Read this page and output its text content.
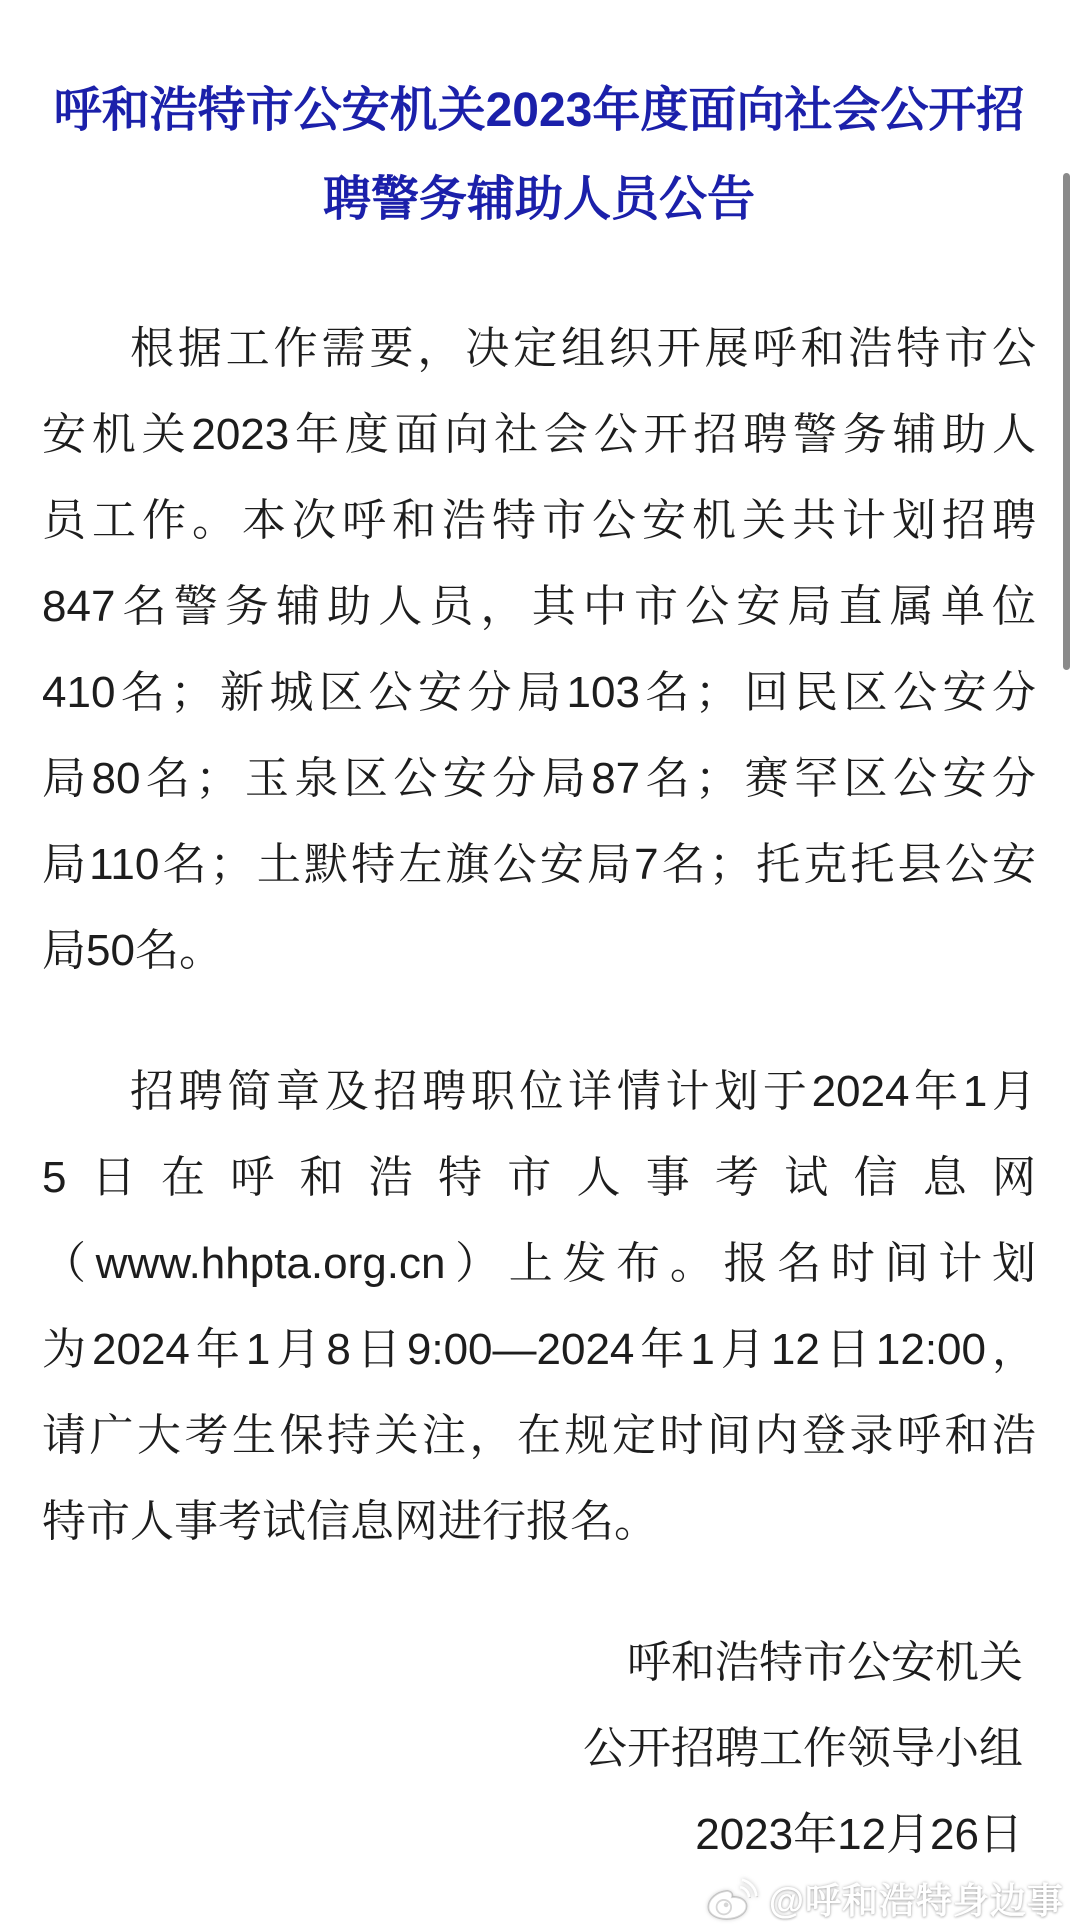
呼和浩特市公安机关2023年度面向社会公开招
聘警务辅助人员公告
根据工作需要，决定组织开展呼和浩特市公
安机关2023年度面向社会公开招聘警务辅助人
员工作。本次呼和浩特市公安机关共计划招聘
847名警务辅助人员，其中市公安局直属单位
410名；新城区公安分局103名；回民区公安分
局80名；玉泉区公安分局87名；赛罕区公安分
局110名；土默特左旗公安局7名；托克托县公安
局50名。
招聘简章及招聘职位详情计划于2024年1月
5日在呼和浩特市人事考试信息网
（www.hhpta.org.cn）上发布。报名时间计划
为2024年1月8日9:00—2024年1月12日12:00，
请广大考生保持关注，在规定时间内登录呼和浩
特市人事考试信息网进行报名。
呼和浩特市公安机关
公开招聘工作领导小组
2023年12月26日
@呼和浩特身边事
